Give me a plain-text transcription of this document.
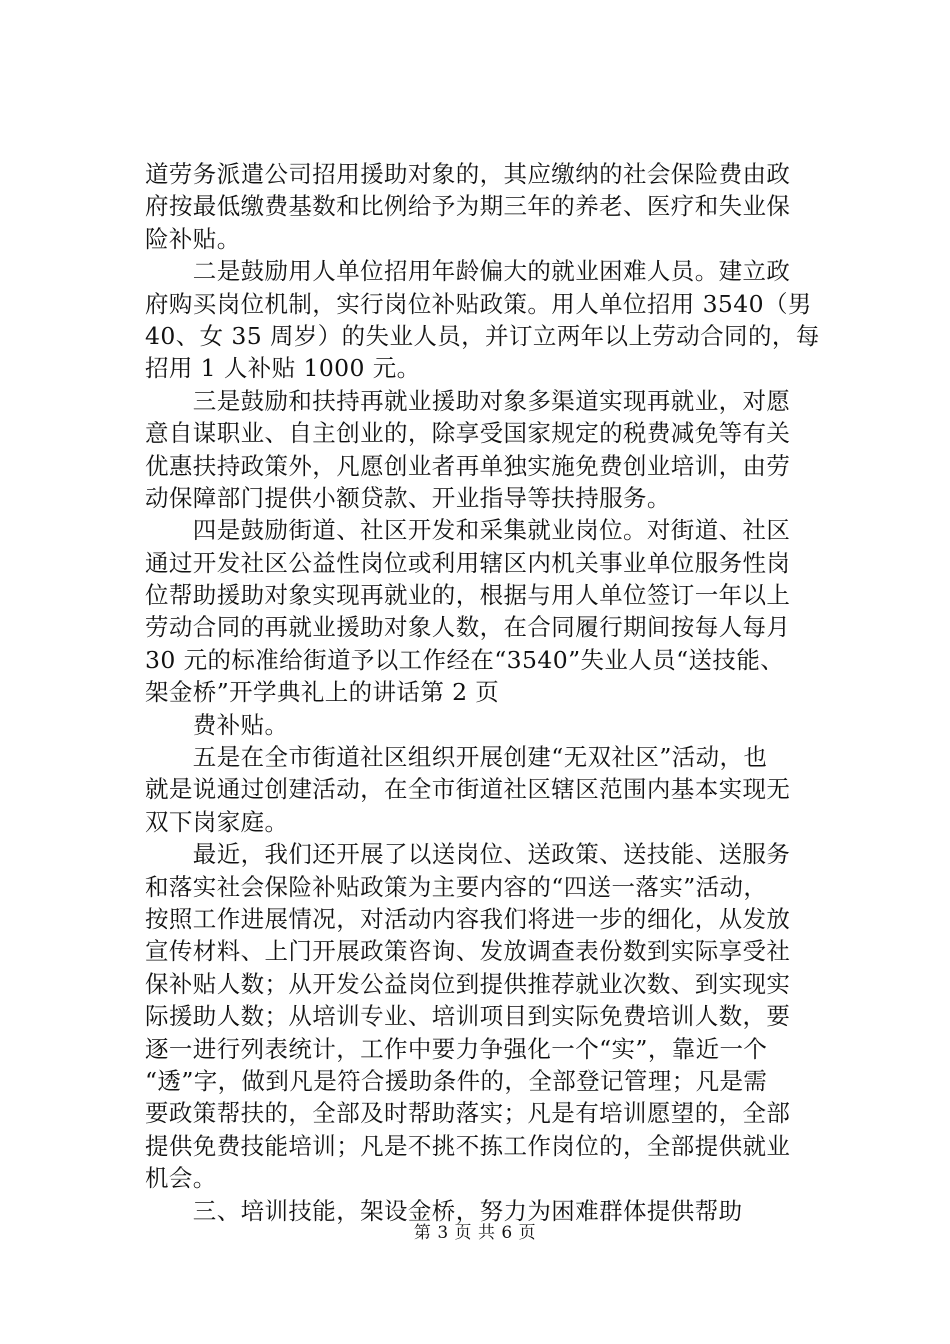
道劳务派遣公司招用援助对象的，其应缴纳的社会保险费由政
府按最低缴费基数和比例给予为期三年的养老、医疗和失业保
险补贴。
　　二是鼓励用人单位招用年龄偏大的就业困难人员。建立政
府购买岗位机制，实行岗位补贴政策。用人单位招用 3540（男
40、女 35 周岁）的失业人员，并订立两年以上劳动合同的，每
招用 1 人补贴 1000 元。
　　三是鼓励和扶持再就业援助对象多渠道实现再就业，对愿
意自谋职业、自主创业的，除享受国家规定的税费减免等有关
优惠扶持政策外，凡愿创业者再单独实施免费创业培训，由劳
动保障部门提供小额贷款、开业指导等扶持服务。
　　四是鼓励街道、社区开发和采集就业岗位。对街道、社区
通过开发社区公益性岗位或利用辖区内机关事业单位服务性岗
位帮助援助对象实现再就业的，根据与用人单位签订一年以上
劳动合同的再就业援助对象人数，在合同履行期间按每人每月
30 元的标准给街道予以工作经在“3540”失业人员“送技能、
架金桥”开学典礼上的讲话第 2 页
　　费补贴。
　　五是在全市街道社区组织开展创建“无双社区”活动，也
就是说通过创建活动，在全市街道社区辖区范围内基本实现无
双下岗家庭。
　　最近，我们还开展了以送岗位、送政策、送技能、送服务
和落实社会保险补贴政策为主要内容的“四送一落实”活动，
按照工作进展情况，对活动内容我们将进一步的细化，从发放
宣传材料、上门开展政策咨询、发放调查表份数到实际享受社
保补贴人数；从开发公益岗位到提供推荐就业次数、到实现实
际援助人数；从培训专业、培训项目到实际免费培训人数，要
逐一进行列表统计，工作中要力争强化一个“实”，靠近一个
“透”字，做到凡是符合援助条件的，全部登记管理；凡是需
要政策帮扶的，全部及时帮助落实；凡是有培训愿望的，全部
提供免费技能培训；凡是不挑不拣工作岗位的，全部提供就业
机会。
　　三、培训技能，架设金桥，努力为困难群体提供帮助
第 3 页 共 6 页
